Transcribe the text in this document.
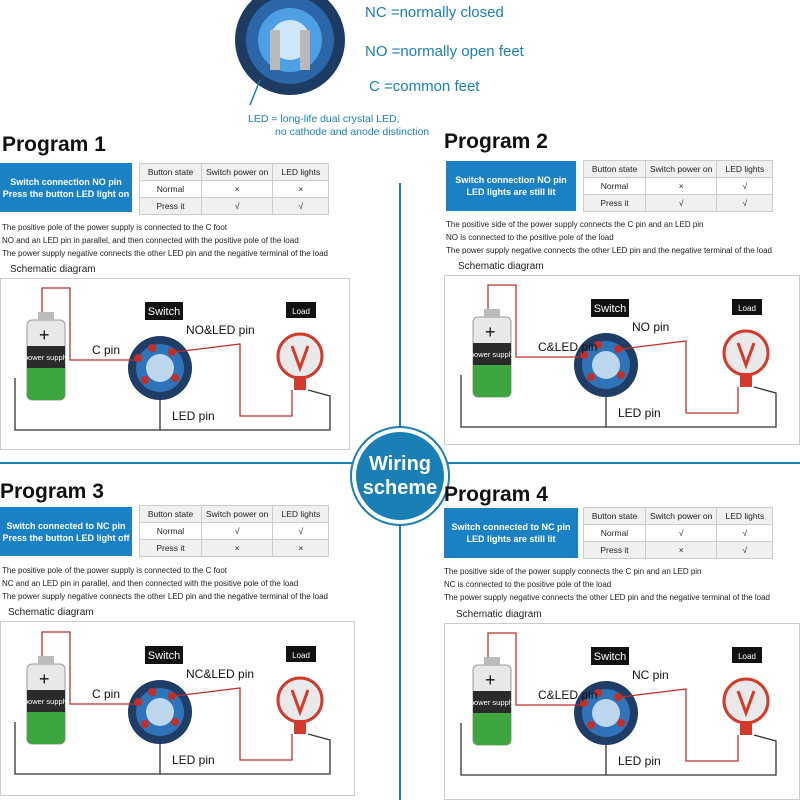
NC =normally closed
NO =normally open feet
C =common feet
LED = long-life dual crystal LED,
no cathode and anode distinction
Wiring
scheme
Program 1
Switch connection NO pin
Press the button LED light on
Button state	Switch power on	LED lights
Normal	×	×
Press it	√	√
The positive pole of the power supply is connected to the C foot
NO and an LED pin in parallel, and then connected with the positive pole of the load
The power supply negative connects the other LED pin and the negative terminal of the load
Schematic diagram
+
power supply
Switch	Load
C pin
NO&LED pin
LED pin
Program 2
Switch connection NO pin
LED lights are still lit
Button state	Switch power on	LED lights
Normal	×	√
Press it	√	√
The positive side of the power supply connects the C pin and an LED pin
NO is connected to the positive pole of the load
The power supply negative connects the other LED pin and the negative terminal of the load
Schematic diagram
+
power supply
Switch	Load
C&LED pin
NO pin
LED pin
Program 3
Switch connected to NC pin
Press the button LED light off
Button state	Switch power on	LED lights
Normal	√	√
Press it	×	×
The positive pole of the power supply is connected to the C foot
NC and an LED pin in parallel, and then connected with the positive pole of the load
The power supply negative connects the other LED pin and the negative terminal of the load
Schematic diagram
+
power supply
Switch	Load
C pin
NC&LED pin
LED pin
Program 4
Switch connected to NC pin
LED lights are still lit
Button state	Switch power on	LED lights
Normal	√	√
Press it	×	√
The positive side of the power supply connects the C pin and an LED pin
NC is connected to the positive pole of the load
The power supply negative connects the other LED pin and the negative terminal of the load
Schematic diagram
+
power supply
Switch	Load
C&LED pin
NC pin
LED pin
